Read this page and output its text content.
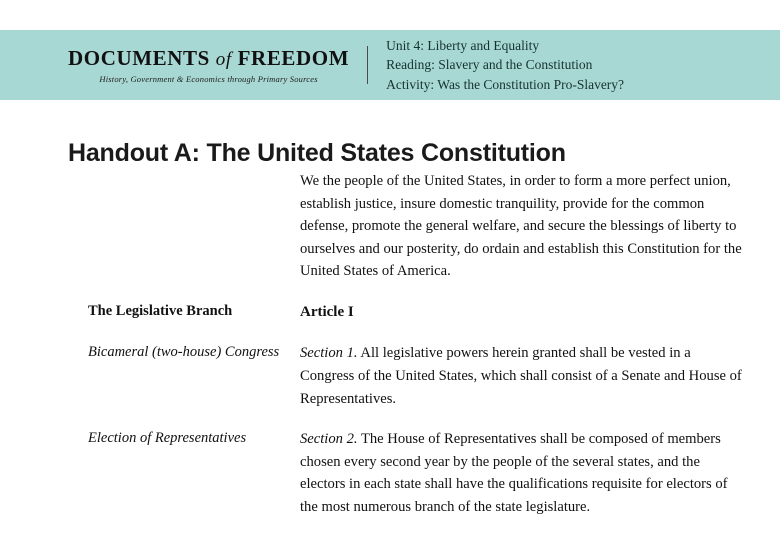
DOCUMENTS of FREEDOM
History, Government & Economics through Primary Sources
Unit 4: Liberty and Equality
Reading: Slavery and the Constitution
Activity: Was the Constitution Pro-Slavery?
Handout A: The United States Constitution
We the people of the United States, in order to form a more perfect union, establish justice, insure domestic tranquility, provide for the common defense, promote the general welfare, and secure the blessings of liberty to ourselves and our posterity, do ordain and establish this Constitution for the United States of America.
The Legislative Branch	Article I
Bicameral (two-house) Congress	Section 1. All legislative powers herein granted shall be vested in a Congress of the United States, which shall consist of a Senate and House of Representatives.
Election of Representatives	Section 2. The House of Representatives shall be composed of members chosen every second year by the people of the several states, and the electors in each state shall have the qualifications requisite for electors of the most numerous branch of the state legislature.
